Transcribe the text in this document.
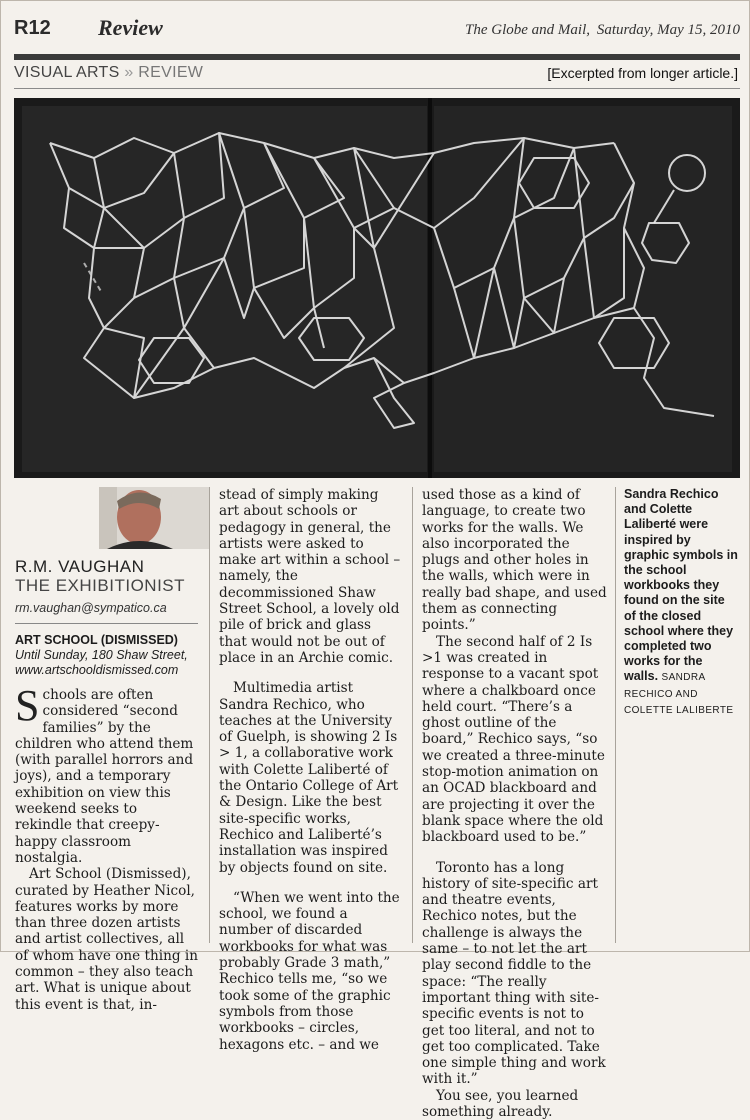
R12 Review	The Globe and Mail, Saturday, May 15, 2010
VISUAL ARTS » REVIEW	[Excerpted from longer article.]
R.M. VAUGHAN
THE EXHIBITIONIST
rm.vaughan@sympatico.ca
ART SCHOOL (DISMISSED)
Until Sunday, 180 Shaw Street,
www.artschooldismissed.com

Schools are often considered “second families” by the children who attend them (with parallel horrors and joys), and a temporary exhibition on view this weekend seeks to rekindle that creepy-happy classroom nostalgia.

Art School (Dismissed), curated by Heather Nicol, features works by more than three dozen artists and artist collectives, all of whom have one thing in common – they also teach art. What is unique about this event is that, in-

stead of simply making art about schools or pedagogy in general, the artists were asked to make art within a school – namely, the decommissioned Shaw Street School, a lovely old pile of brick and glass that would not be out of place in an Archie comic.

Multimedia artist Sandra Rechico, who teaches at the University of Guelph, is showing 2 Is > 1, a collaborative work with Colette Laliberté of the Ontario College of Art & Design. Like the best site-specific works, Rechico and Laliberté’s installation was inspired by objects found on site.

“When we went into the school, we found a number of discarded workbooks for what was probably Grade 3 math,” Rechico tells me, “so we took some of the graphic symbols from those workbooks – circles, hexagons etc. – and we

used those as a kind of language, to create two works for the walls. We also incorporated the plugs and other holes in the walls, which were in really bad shape, and used them as connecting points.”

The second half of 2 Is >1 was created in response to a vacant spot where a chalkboard once held court. “There’s a ghost outline of the board,” Rechico says, “so we created a three-minute stop-motion animation on an OCAD blackboard and are projecting it over the blank space where the old blackboard used to be.”

Toronto has a long history of site-specific art and theatre events, Rechico notes, but the challenge is always the same – to not let the art play second fiddle to the space: “The really important thing with site-specific events is not to get too literal, and not to get too complicated. Take one simple thing and work with it.”

You see, you learned something already.

Sandra Rechico and Colette Laliberté were inspired by graphic symbols in the school workbooks they found on the site of the closed school where they completed two works for the walls. SANDRA RECHICO AND COLETTE LALIBERTE
